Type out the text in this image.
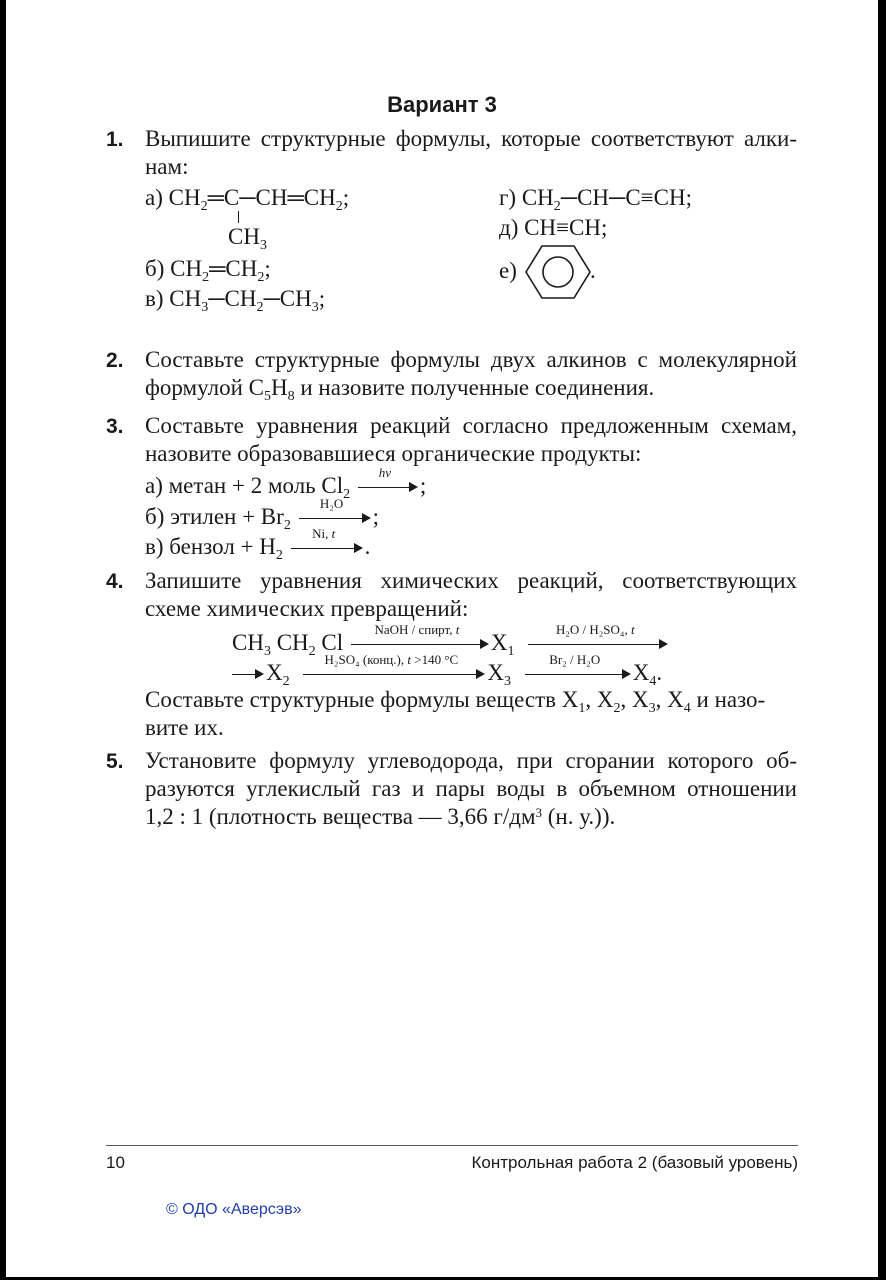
Вариант 3
1. Выпишите структурные формулы, которые соответствуют алки-
нам:
а) $CH_2═C─CH═CH_2$;
$CH_3$
б) $CH_2═CH_2$;
в) $CH_3─CH_2─CH_3$;
г) $CH_2─CH─C\equiv CH$;
д) CH≡CH;
е)	.
2. Составьте структурные формулы двух алкинов с молекулярной
формулой $C_5H_8$ и назовите полученные соединения.
3. Составьте уравнения реакций согласно предложенным схемам,
назовите образовавшиеся органические продукты:
а) метан + 2 моль $Cl_2$
hν
;
б) этилен + $Br_2$
H₂O
;
в) бензол + $H_2$
Ni, t
.
4. Запишите уравнения химических реакций, соответствующих
схеме химических превращений:
$CH_3$ $CH_2$ Cl
NaOH / спирт, t
$X_1$
H₂O / H₂SO₄, t
$X_2$
H₂SO₄ (конц.), t >140 °C
$X_3$
Br₂ / H₂O
$X_4$.
Составьте структурные формулы веществ $X_1$, $X_2$, $X_3$, $X_4$ и назо-
вите их.
5. Установите формулу углеводорода, при сгорании которого об-
разуются углекислый газ и пары воды в объемном отношении
1,2 : 1 (плотность вещества — 3,66 $г/дм^3$ (н. у.)).
10	Контрольная работа 2 (базовый уровень)
© ОДО «Аверсэв»
